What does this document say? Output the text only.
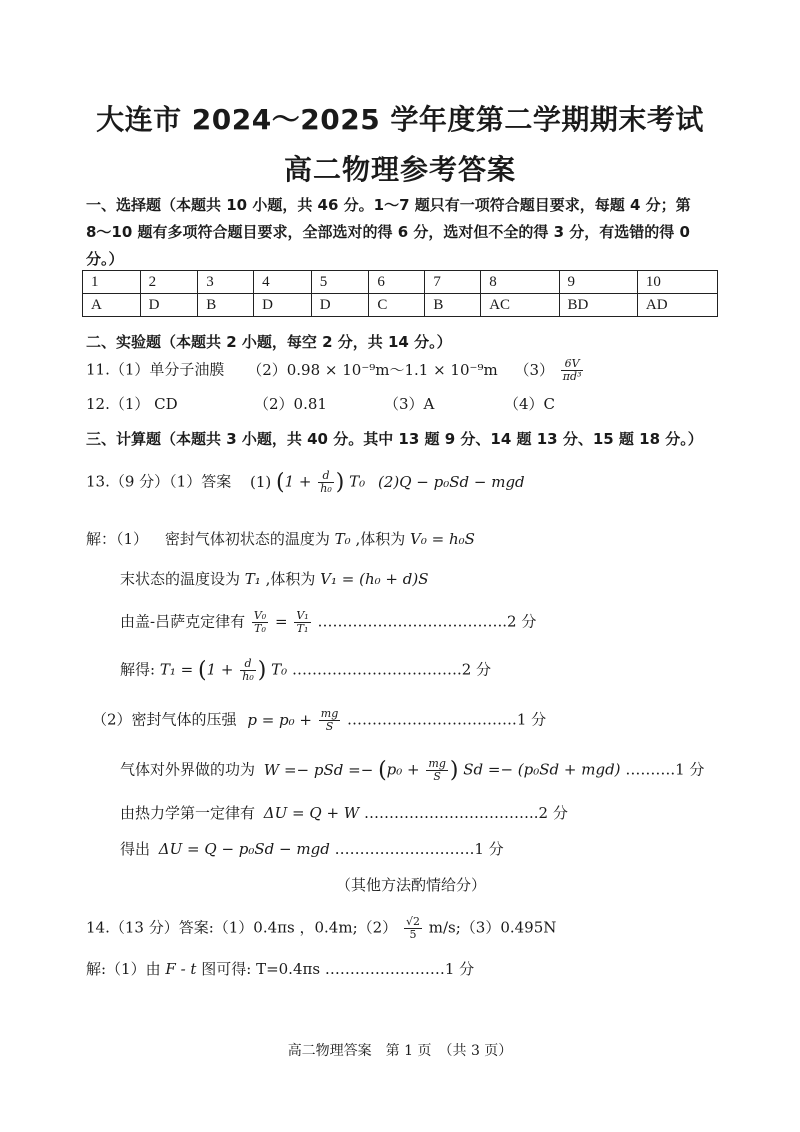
大连市 2024～2025 学年度第二学期期末考试
高二物理参考答案
一、选择题（本题共 10 小题，共 46 分。1～7 题只有一项符合题目要求，每题 4 分；第
8～10 题有多项符合题目要求，全部选对的得 6 分，选对但不全的得 3 分，有选错的得 0
分。）
1	2	3	4	5	6	7	8	9	10
A	D	B	D	D	C	B	AC	BD	AD
二、实验题（本题共 2 小题，每空 2 分，共 14 分。）
11.（1）单分子油膜 （2）0.98 × 10⁻⁹m～1.1 × 10⁻⁹m $(3) \frac{6V}{\text{πd³}}$
12.（1） CD	（2）0.81	（3）A	（4）C
三、计算题（本题共 3 小题，共 40 分。其中 13 题 9 分、14 题 13 分、15 题 18 分。）
13.（9 分）（1）答案 (1) ($1 + \frac{d}{\text{h₀}}$ ) T₀ (2)Q − p₀Sd − mgd
解：（1） 密封气体初状态的温度为 T₀ ,体积为 V₀ = h₀S
末状态的温度设为 T₁ ,体积为 V₁ = (h₀ + d)S
由盖-吕萨克定律有 $\frac{\text{V₀}}{\text{T₀}} = \frac{\text{V₁}}{\text{T₁}}$ ………………………………..2 分
解得: $T_1 = (1 + \frac{d}{\text{h₀}}$ ) T₀ …………………………….2 分
（2）密封气体的压强 $p = p_0 + \frac{mg}{S}$ …………………………….1 分
气体对外界做的功为 W =− pSd =− ($p_0 + \frac{mg}{S}$ ) Sd =− (p₀Sd + mgd) ……….1 分
由热力学第一定律有 ΔU = Q + W ……………………………..2 分
得出 ΔU = Q − p₀Sd − mgd ……………………….1 分
（其他方法酌情给分）
14.（13 分）答案:（1）0.4πs ，0.4m;（2） $\frac{√2}{5}$ m/s;（3）0.495N
解:（1）由 F - t 图可得: T=0.4πs ……………………1 分
高二物理答案　第 1 页　（共 3 页）
